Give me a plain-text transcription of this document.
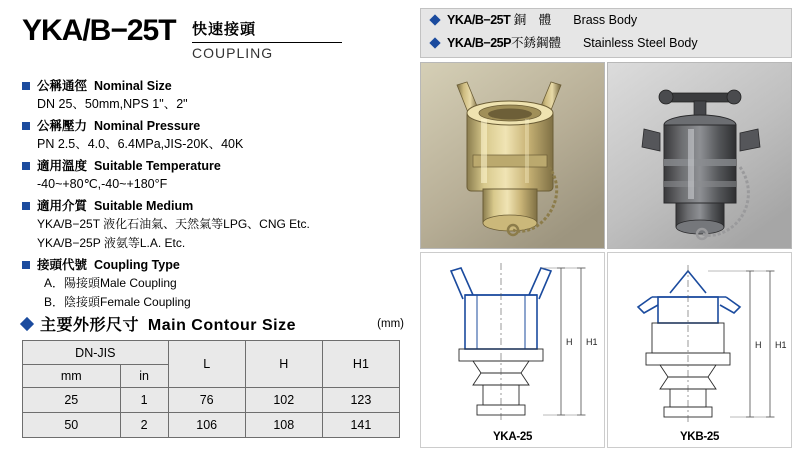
YKA/B−25T 快速接頭
COUPLING
公稱通徑 Nominal Size
DN 25、50mm,NPS 1"、2"
公稱壓力 Nominal Pressure
PN 2.5、4.0、6.4MPa,JIS-20K、40K
適用溫度 Suitable Temperature
-40~+80℃,-40~+180°F
適用介質 Suitable Medium
YKA/B−25T 液化石油氣、天然氣等LPG、CNG Etc.
YKA/B−25P 液氨等L.A. Etc.
接頭代號 Coupling Type
A．陽接頭Male Coupling
B．陰接頭Female Coupling
(mm)
主要外形尺寸 Main Contour Size
DN-JIS		L	H	H1
mm	in			
25	1	76	102	123
50	2	106	108	141
YKA/B−25T 銅　體 Brass Body
YKA/B−25P不銹鋼體 Stainless Steel Body
H H1
YKA-25
H H1
YKB-25
